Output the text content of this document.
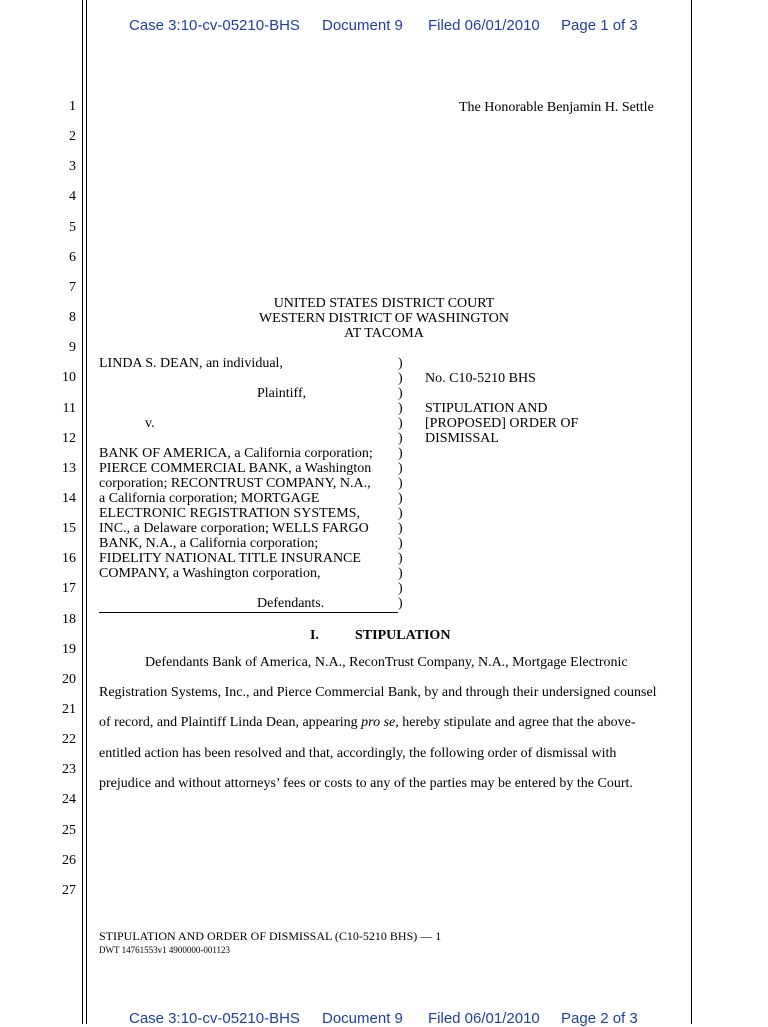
Case 3:10-cv-05210-BHS Document 9 Filed 06/01/2010 Page 1 of 3
1
2
3
4
5
6
7
8
9
10
11
12
13
14
15
16
17
18
19
20
21
22
23
24
25
26
27
The Honorable Benjamin H. Settle
UNITED STATES DISTRICT COURT
WESTERN DISTRICT OF WASHINGTON
AT TACOMA
LINDA S. DEAN, an individual,
Plaintiff,
v.
BANK OF AMERICA, a California corporation;
PIERCE COMMERCIAL BANK, a Washington
corporation; RECONTRUST COMPANY, N.A.,
a California corporation; MORTGAGE
ELECTRONIC REGISTRATION SYSTEMS,
INC., a Delaware corporation; WELLS FARGO
BANK, N.A., a California corporation;
FIDELITY NATIONAL TITLE INSURANCE
COMPANY, a Washington corporation,
Defendants.
)
)
)
)
)
)
)
)
)
)
)
)
)
)
)
)
)
No. C10-5210 BHS
STIPULATION AND
[PROPOSED] ORDER OF
DISMISSAL
I.	STIPULATION
Defendants Bank of America, N.A., ReconTrust Company, N.A., Mortgage Electronic Registration Systems, Inc., and Pierce Commercial Bank, by and through their undersigned counsel of record, and Plaintiff Linda Dean, appearing pro se, hereby stipulate and agree that the above-entitled action has been resolved and that, accordingly, the following order of dismissal with prejudice and without attorneys’ fees or costs to any of the parties may be entered by the Court.
STIPULATION AND ORDER OF DISMISSAL (C10-5210 BHS) — 1
DWT 14761553v1 4900000-001123
Case 3:10-cv-05210-BHS Document 9 Filed 06/01/2010 Page 2 of 3
